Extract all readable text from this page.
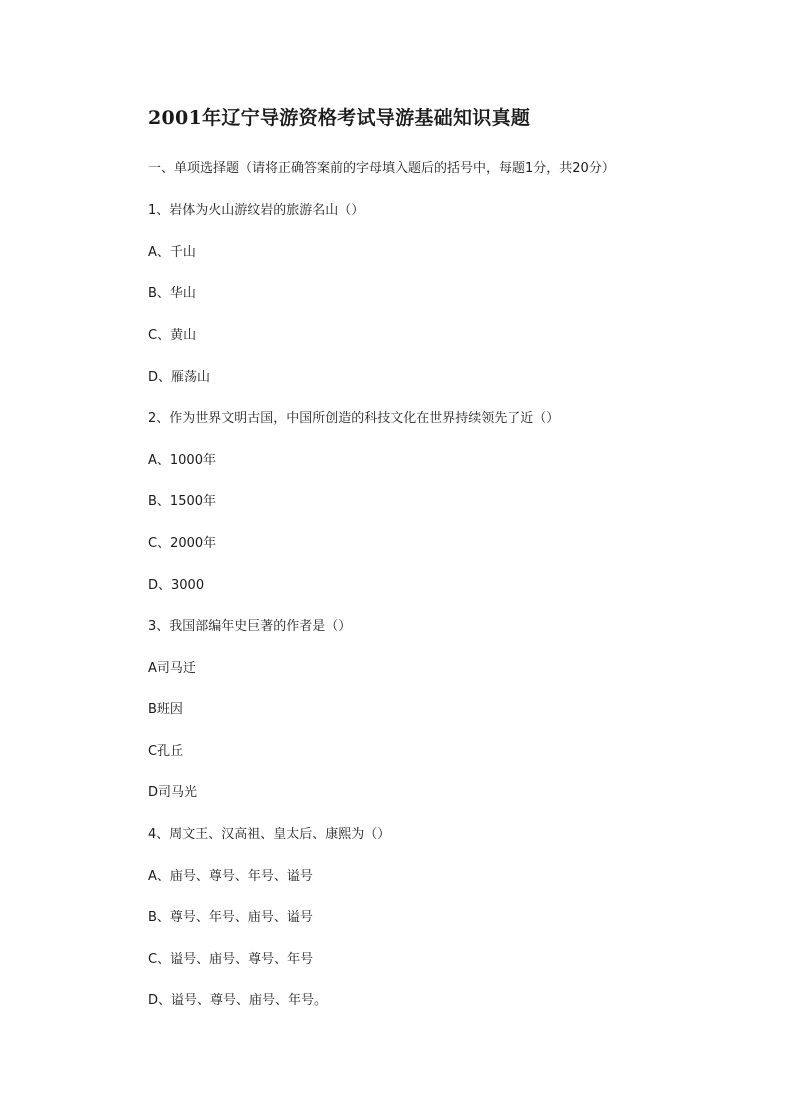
2001年辽宁导游资格考试导游基础知识真题
一、单项选择题（请将正确答案前的字母填入题后的括号中，每题1分，共20分）
1、岩体为火山游纹岩的旅游名山（）
A、千山
B、华山
C、黄山
D、雁荡山
2、作为世界文明古国，中国所创造的科技文化在世界持续领先了近（）
A、1000年
B、1500年
C、2000年
D、3000
3、我国部编年史巨著的作者是（）
A司马迁
B班因
C孔丘
D司马光
4、周文王、汉高祖、皇太后、康熙为（）
A、庙号、尊号、年号、谥号
B、尊号、年号、庙号、谥号
C、谥号、庙号、尊号、年号
D、谥号、尊号、庙号、年号。
